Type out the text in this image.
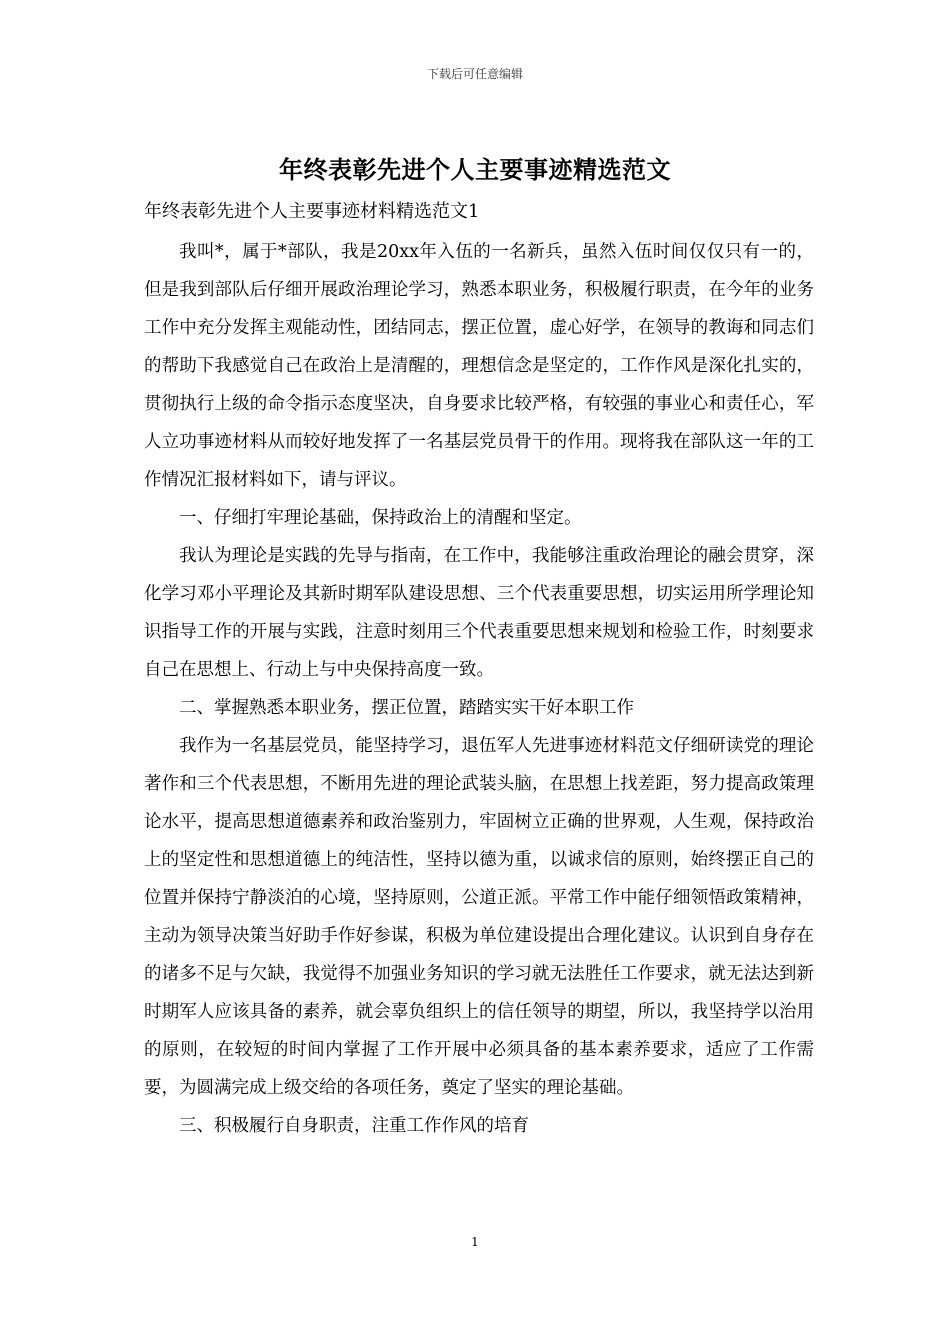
下载后可任意编辑
年终表彰先进个人主要事迹精选范文
年终表彰先进个人主要事迹材料精选范文1

我叫*，属于*部队，我是20xx年入伍的一名新兵，虽然入伍时间仅仅只有一的，但是我到部队后仔细开展政治理论学习，熟悉本职业务，积极履行职责，在今年的业务工作中充分发挥主观能动性，团结同志，摆正位置，虚心好学，在领导的教诲和同志们的帮助下我感觉自己在政治上是清醒的，理想信念是坚定的，工作作风是深化扎实的，贯彻执行上级的命令指示态度坚决，自身要求比较严格，有较强的事业心和责任心，军人立功事迹材料从而较好地发挥了一名基层党员骨干的作用。现将我在部队这一年的工作情况汇报材料如下，请与评议。

一、仔细打牢理论基础，保持政治上的清醒和坚定。

我认为理论是实践的先导与指南，在工作中，我能够注重政治理论的融会贯穿，深化学习邓小平理论及其新时期军队建设思想、三个代表重要思想，切实运用所学理论知识指导工作的开展与实践，注意时刻用三个代表重要思想来规划和检验工作，时刻要求自己在思想上、行动上与中央保持高度一致。

二、掌握熟悉本职业务，摆正位置，踏踏实实干好本职工作

我作为一名基层党员，能坚持学习，退伍军人先进事迹材料范文仔细研读党的理论著作和三个代表思想，不断用先进的理论武装头脑，在思想上找差距，努力提高政策理论水平，提高思想道德素养和政治鉴别力，牢固树立正确的世界观，人生观，保持政治上的坚定性和思想道德上的纯洁性，坚持以德为重，以诚求信的原则，始终摆正自己的位置并保持宁静淡泊的心境，坚持原则，公道正派。平常工作中能仔细领悟政策精神，主动为领导决策当好助手作好参谋，积极为单位建设提出合理化建议。认识到自身存在的诸多不足与欠缺，我觉得不加强业务知识的学习就无法胜任工作要求，就无法达到新时期军人应该具备的素养，就会辜负组织上的信任领导的期望，所以，我坚持学以治用的原则，在较短的时间内掌握了工作开展中必须具备的基本素养要求，适应了工作需要，为圆满完成上级交给的各项任务，奠定了坚实的理论基础。

三、积极履行自身职责，注重工作作风的培育

1
